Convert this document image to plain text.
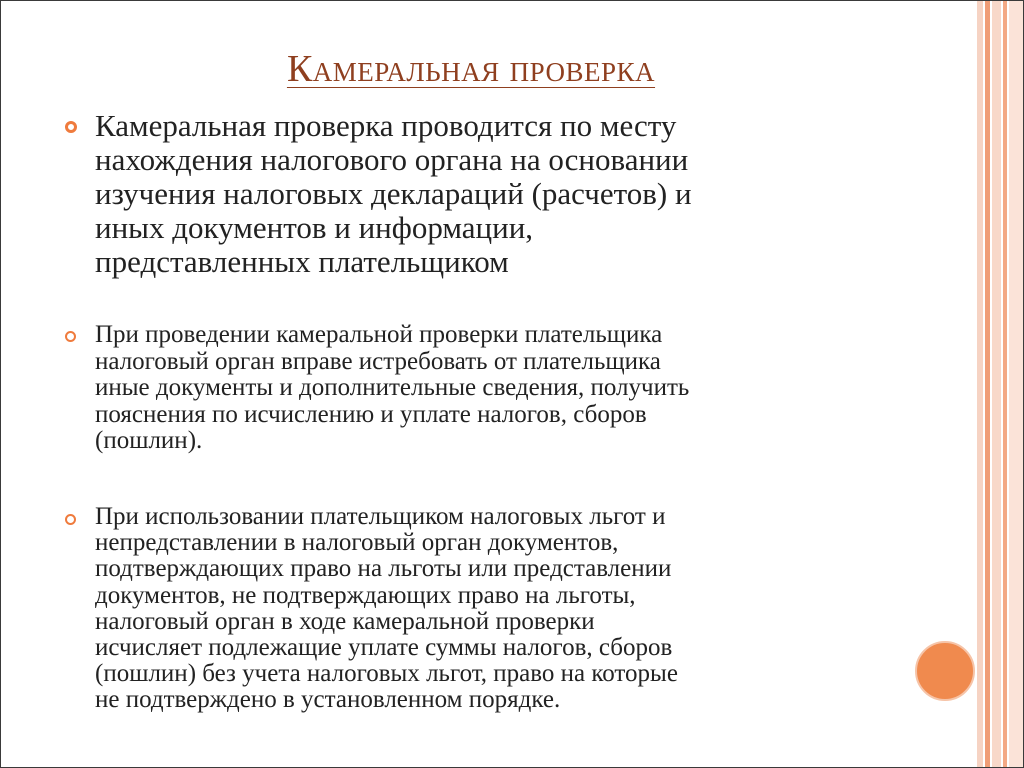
Камеральная проверка
Камеральная проверка проводится по месту
нахождения налогового органа на основании
изучения налоговых деклараций (расчетов) и
иных документов и информации,
представленных плательщиком
При проведении камеральной проверки плательщика
налоговый орган вправе истребовать от плательщика
иные документы и дополнительные сведения, получить
пояснения по исчислению и уплате налогов, сборов
(пошлин).
При использовании плательщиком налоговых льгот и
непредставлении в налоговый орган документов,
подтверждающих право на льготы или представлении
документов, не подтверждающих право на льготы,
налоговый орган в ходе камеральной проверки
исчисляет подлежащие уплате суммы налогов, сборов
(пошлин) без учета налоговых льгот, право на которые
не подтверждено в установленном порядке.
